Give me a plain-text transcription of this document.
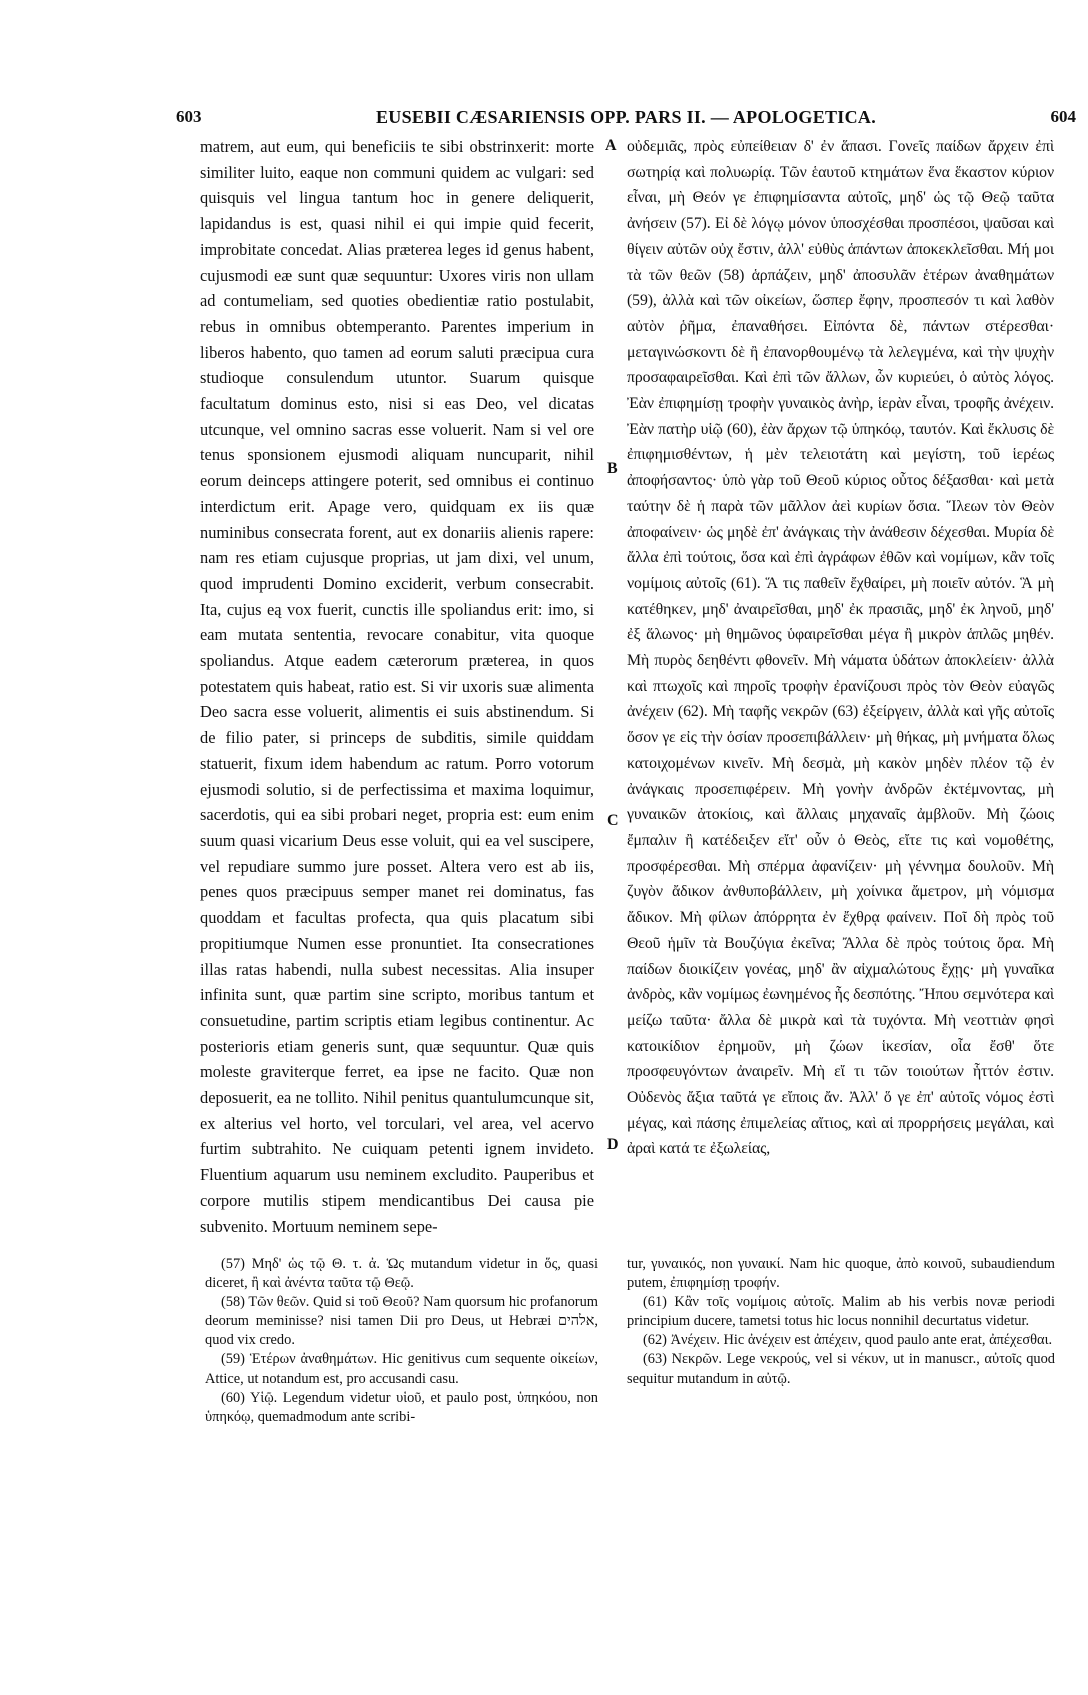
603	EUSEBII CÆSARIENSIS OPP. PARS II. — APOLOGETICA.	604

matrem, aut eum, qui beneficiis te sibi obstrinxerit: morte similiter luito, eaque non communi quidem ac vulgari: sed quisquis vel lingua tantum hoc in genere deliquerit, lapidandus is est, quasi nihil ei qui impie quid fecerit, improbitate concedat. Alias præterea leges id genus habent, cujusmodi eæ sunt quæ sequuntur: Uxores viris non ullam ad contumeliam, sed quoties obedientiæ ratio postulabit, rebus in omnibus obtemperanto. Parentes imperium in liberos habento, quo tamen ad eorum saluti præcipua cura studioque consulendum utuntor. Suarum quisque facultatum dominus esto, nisi si eas Deo, vel dicatas utcunque, vel omnino sacras esse voluerit. Nam si vel ore tenus sponsionem ejusmodi aliquam nuncuparit, nihil eorum deinceps attingere poterit, sed omnibus ei continuo interdictum erit. Apage vero, quidquam ex iis quæ numinibus consecrata forent, aut ex donariis alienis rapere: nam res etiam cujusque proprias, ut jam dixi, vel unum, quod imprudenti Domino exciderit, verbum consecrabit. Ita, cujus eą vox fuerit, cunctis ille spoliandus erit: imo, si eam mutata sententia, revocare conabitur, vita quoque spoliandus. Atque eadem cæterorum præterea, in quos potestatem quis habeat, ratio est. Si vir uxoris suæ alimenta Deo sacra esse voluerit, alimentis ei suis abstinendum. Si de filio pater, si princeps de subditis, simile quiddam statuerit, fixum idem habendum ac ratum. Porro votorum ejusmodi solutio, si de perfectissima et maxima loquimur, sacerdotis, qui ea sibi probari neget, propria est: eum enim suum quasi vicarium Deus esse voluit, qui ea vel suscipere, vel repudiare summo jure posset. Altera vero est ab iis, penes quos præcipuus semper manet rei dominatus, fas quoddam et facultas profecta, qua quis placatum sibi propitiumque Numen esse pronuntiet. Ita consecrationes illas ratas habendi, nulla subest necessitas. Alia insuper infinita sunt, quæ partim sine scripto, moribus tantum et consuetudine, partim scriptis etiam legibus continentur. Ac posterioris etiam generis sunt, quæ sequuntur. Quæ quis moleste graviterque ferret, ea ipse ne facito. Quæ non deposuerit, ea ne tollito. Nihil penitus quantulumcunque sit, ex alterius vel horto, vel torculari, vel area, vel acervo furtim subtrahito. Ne cuiquam petenti ignem invideto. Fluentium aquarum usu neminem excludito. Pauperibus et corpore mutilis stipem mendicantibus Dei causa pie subvenito. Mortuum neminem sepe-

A
B
C
D

οὐδεμιᾶς, πρὸς εὐπείθειαν δ' ἐν ἅπασι. Γονεῖς παίδων ἄρχειν ἐπὶ σωτηρίᾳ καὶ πολυωρίᾳ. Τῶν ἑαυτοῦ κτημάτων ἕνα ἕκαστον κύριον εἶναι, μὴ Θεόν γε ἐπιφημίσαντα αὐτοῖς, μηδ' ὡς τῷ Θεῷ ταῦτα ἀνήσειν (57). Εἰ δὲ λόγῳ μόνον ὑποσχέσθαι προσπέσοι, ψαῦσαι καὶ θίγειν αὐτῶν οὐχ ἔστιν, ἀλλ' εὐθὺς ἁπάντων ἀποκεκλεῖσθαι. Μή μοι τὰ τῶν θεῶν (58) ἁρπάζειν, μηδ' ἀποσυλᾶν ἑτέρων ἀναθημάτων (59), ἀλλὰ καὶ τῶν οἰκείων, ὥσπερ ἔφην, προσπεσόν τι καὶ λαθὸν αὐτὸν ῥῆμα, ἐπαναθήσει. Εἰπόντα δὲ, πάντων στέρεσθαι· μεταγινώσκοντι δὲ ἢ ἐπανορθουμένῳ τὰ λελεγμένα, καὶ τὴν ψυχὴν προσαφαιρεῖσθαι. Καὶ ἐπὶ τῶν ἄλλων, ὧν κυριεύει, ὁ αὐτὸς λόγος. Ἐὰν ἐπιφημίσῃ τροφὴν γυναικὸς ἀνὴρ, ἱερὰν εἶναι, τροφῆς ἀνέχειν. Ἐὰν πατὴρ υἱῷ (60), ἐὰν ἄρχων τῷ ὑπηκόῳ, ταυτόν. Καὶ ἔκλυσις δὲ ἐπιφημισθέντων, ἡ μὲν τελειοτάτη καὶ μεγίστη, τοῦ ἱερέως ἀποφήσαντος· ὑπὸ γὰρ τοῦ Θεοῦ κύριος οὗτος δέξασθαι· καὶ μετὰ ταύτην δὲ ἡ παρὰ τῶν μᾶλλον ἀεὶ κυρίων ὅσια. Ἵλεων τὸν Θεὸν ἀποφαίνειν· ὡς μηδὲ ἐπ' ἀνάγκαις τὴν ἀνάθεσιν δέχεσθαι. Μυρία δὲ ἄλλα ἐπὶ τούτοις, ὅσα καὶ ἐπὶ ἀγράφων ἐθῶν καὶ νομίμων, κἂν τοῖς νομίμοις αὐτοῖς (61). Ἅ τις παθεῖν ἔχθαίρει, μὴ ποιεῖν αὐτόν. Ἃ μὴ κατέθηκεν, μηδ' ἀναιρεῖσθαι, μηδ' ἐκ πρασιᾶς, μηδ' ἐκ ληνοῦ, μηδ' ἐξ ἅλωνος· μὴ θημῶνος ὑφαιρεῖσθαι μέγα ἢ μικρὸν ἁπλῶς μηθέν. Μὴ πυρὸς δεηθέντι φθονεῖν. Μὴ νάματα ὑδάτων ἀποκλείειν· ἀλλὰ καὶ πτωχοῖς καὶ πηροῖς τροφὴν ἐρανίζουσι πρὸς τὸν Θεὸν εὐαγῶς ἀνέχειν (62). Μὴ ταφῆς νεκρῶν (63) ἐξείργειν, ἀλλὰ καὶ γῆς αὐτοῖς ὅσον γε εἰς τὴν ὁσίαν προσεπιβάλλειν· μὴ θήκας, μὴ μνήματα ὅλως κατοιχομένων κινεῖν. Μὴ δεσμὰ, μὴ κακὸν μηδὲν πλέον τῷ ἐν ἀνάγκαις προσεπιφέρειν. Μὴ γονὴν ἀνδρῶν ἐκτέμνοντας, μὴ γυναικῶν ἀτοκίοις, καὶ ἄλλαις μηχαναῖς ἀμβλοῦν. Μὴ ζώοις ἔμπαλιν ἢ κατέδειξεν εἴτ' οὖν ὁ Θεὸς, εἴτε τις καὶ νομοθέτης, προσφέρεσθαι. Μὴ σπέρμα ἀφανίζειν· μὴ γέννημα δουλοῦν. Μὴ ζυγὸν ἄδικον ἀνθυποβάλλειν, μὴ χοίνικα ἄμετρον, μὴ νόμισμα ἄδικον. Μὴ φίλων ἀπόρρητα ἐν ἔχθρᾳ φαίνειν. Ποῖ δὴ πρὸς τοῦ Θεοῦ ἡμῖν τὰ Βουζύγια ἐκεῖνα; Ἄλλα δὲ πρὸς τούτοις ὅρα. Μὴ παίδων διοικίζειν γονέας, μηδ' ἂν αἰχμαλώτους ἔχῃς· μὴ γυναῖκα ἀνδρὸς, κἂν νομίμως ἐωνημένος ἧς δεσπότης. Ἤπου σεμνότερα καὶ μείζω ταῦτα· ἄλλα δὲ μικρὰ καὶ τὰ τυχόντα. Μὴ νεοττιὰν φησὶ κατοικίδιον ἐρημοῦν, μὴ ζώων ἱκεσίαν, οἷα ἔσθ' ὅτε προσφευγόντων ἀναιρεῖν. Μὴ εἴ τι τῶν τοιούτων ἧττόν ἐστιν. Οὐδενὸς ἄξια ταῦτά γε εἴποις ἄν. Ἀλλ' ὅ γε ἐπ' αὐτοῖς νόμος ἐστὶ μέγας, καὶ πάσης ἐπιμελείας αἴτιος, καὶ αἱ προρρήσεις μεγάλαι, καὶ ἀραὶ κατά τε ἐξωλείας,

(57) Μηδ' ὡς τῷ Θ. τ. ἀ. Ὡς mutandum videtur in ὅς, quasi diceret, ἢ καὶ ἀνέντα ταῦτα τῷ Θεῷ.

(58) Τῶν θεῶν. Quid si τοῦ Θεοῦ? Nam quorsum hic profanorum deorum meminisse? nisi tamen Dii pro Deus, ut Hebræi אלהים, quod vix credo.

(59) Ἑτέρων ἀναθημάτων. Hic genitivus cum sequente οἰκείων, Attice, ut notandum est, pro accusandi casu.

(60) Υἱῷ. Legendum videtur υἱοῦ, et paulo post, ὑπηκόου, non ὑπηκόῳ, quemadmodum ante scribi-

tur, γυναικός, non γυναικί. Nam hic quoque, ἀπὸ κοινοῦ, subaudiendum putem, ἐπιφημίσῃ τροφήν.

(61) Κἂν τοῖς νομίμοις αὐτοῖς. Malim ab his verbis novæ periodi principium ducere, tametsi totus hic locus nonnihil decurtatus videtur.

(62) Ἀνέχειν. Hic ἀνέχειν est ἀπέχειν, quod paulo ante erat, ἀπέχεσθαι.

(63) Νεκρῶν. Lege νεκρούς, vel si νέκυν, ut in manuscr., αὐτοῖς quod sequitur mutandum in αὐτῷ.
